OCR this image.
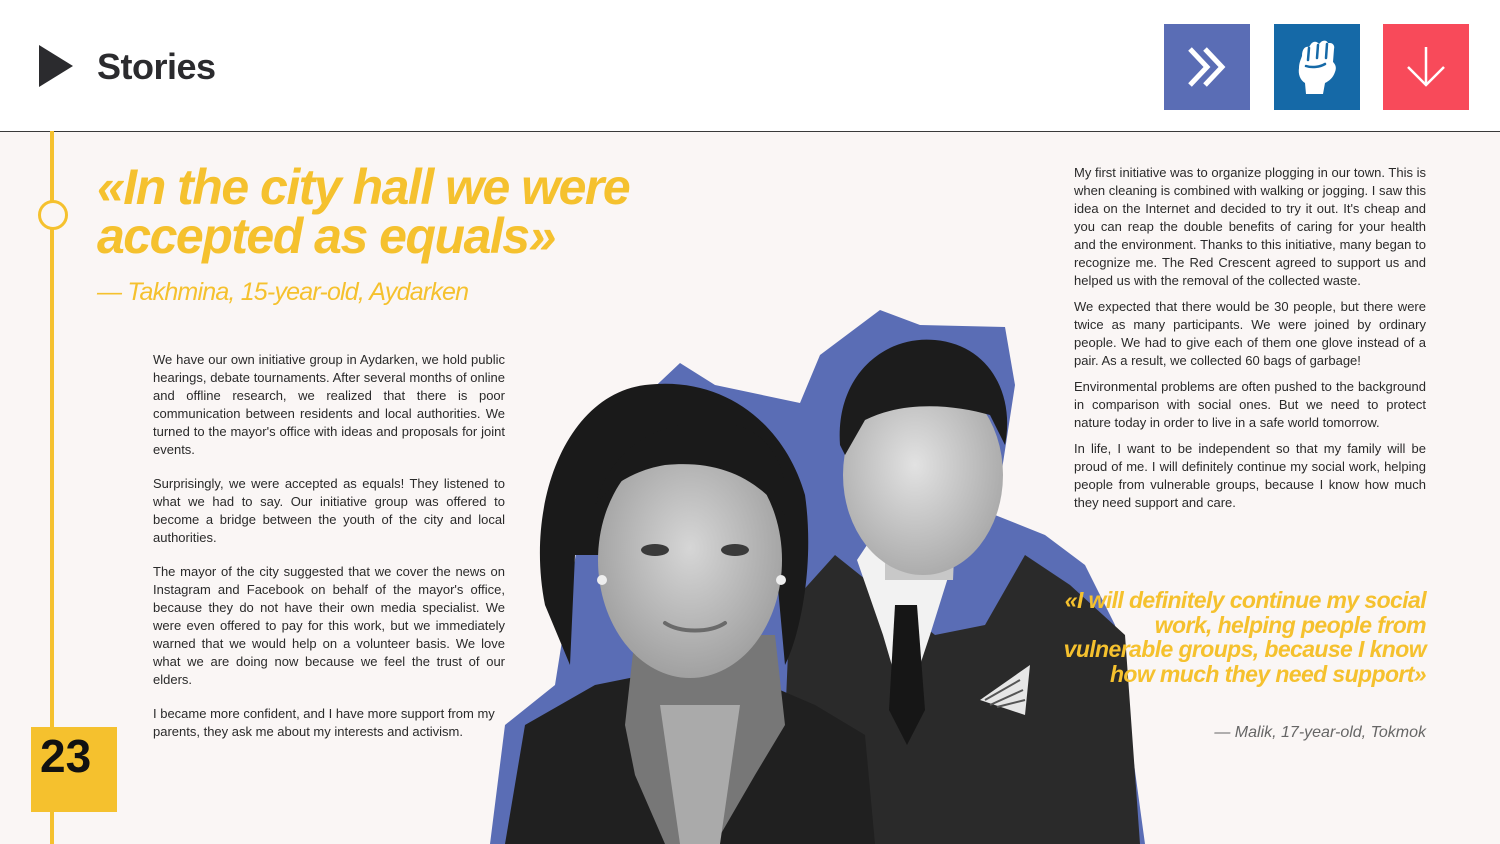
Stories
23
«In the city hall we were
accepted as equals»
— Takhmina, 15-year-old, Aydarken

We have our own initiative group in Aydarken, we hold public hearings, debate tournaments. After several months of online and offline research, we realized that there is poor communication between residents and local authorities. We turned to the mayor's office with ideas and proposals for joint events.

Surprisingly, we were accepted as equals! They listened to what we had to say. Our initiative group was offered to become a bridge between the youth of the city and local authorities.

The mayor of the city suggested that we cover the news on Instagram and Facebook on behalf of the mayor's office, because they do not have their own media specialist. We were even offered to pay for this work, but we immediately warned that we would help on a volunteer basis. We love what we are doing now because we feel the trust of our elders.

I became more confident, and I have more support from my parents, they ask me about my interests and activism.

My first initiative was to organize plogging in our town. This is when cleaning is combined with walking or jogging. I saw this idea on the Internet and decided to try it out. It's cheap and you can reap the double benefits of caring for your health and the environment. Thanks to this initiative, many began to recognize me. The Red Crescent agreed to support us and helped us with the removal of the collected waste.

We expected that there would be 30 people, but there were twice as many participants. We were joined by ordinary people. We had to give each of them one glove instead of a pair. As a result, we collected 60 bags of garbage!

Environmental problems are often pushed to the background in comparison with social ones. But we need to protect nature today in order to live in a safe world tomorrow.

In life, I want to be independent so that my family will be proud of me. I will definitely continue my social work, helping people from vulnerable groups, because I know how much they need support and care.

«I will definitely continue my social work, helping people from vulnerable groups, because I know how much they need support»
— Malik, 17-year-old, Tokmok
